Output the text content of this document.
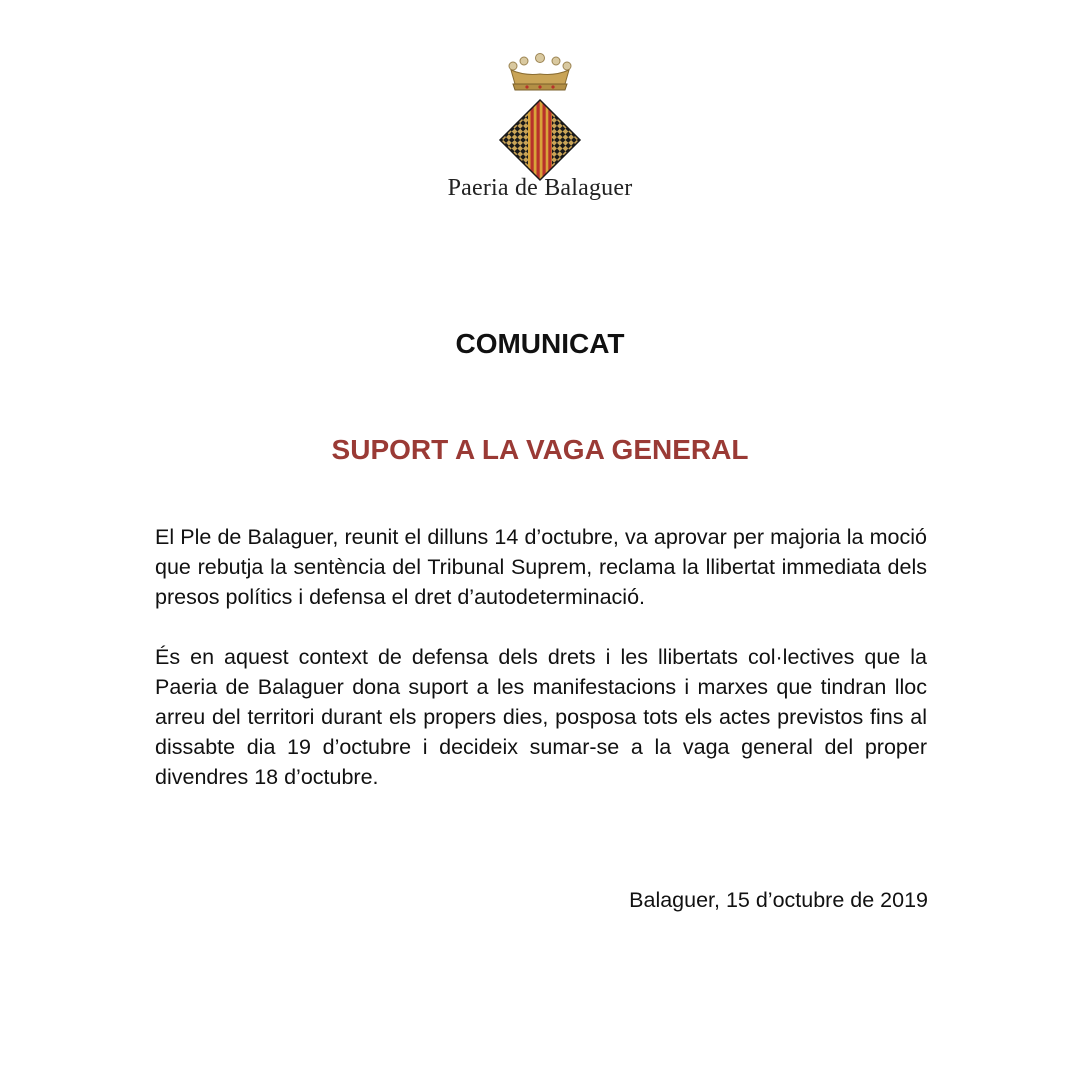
Paeria de Balaguer
COMUNICAT
SUPORT A LA VAGA GENERAL

El Ple de Balaguer, reunit el dilluns 14 d’octubre, va aprovar per majoria la moció que rebutja la sentència del Tribunal Suprem, reclama la llibertat immediata dels presos polítics i defensa el dret d’autodeterminació.

És en aquest context de defensa dels drets i les llibertats col·lectives que la Paeria de Balaguer dona suport a les manifestacions i marxes que tindran lloc arreu del territori durant els propers dies, posposa tots els actes previstos fins al dissabte dia 19 d’octubre i decideix sumar-se a la vaga general del proper divendres 18 d’octubre.

Balaguer, 15 d’octubre de 2019
